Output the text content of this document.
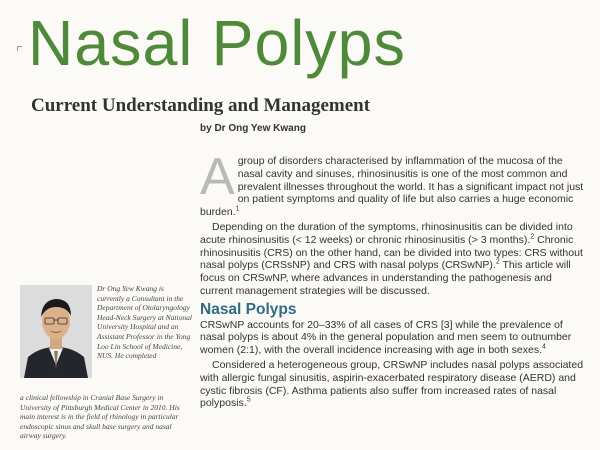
Nasal Polyps
Current Understanding and Management
by Dr Ong Yew Kwang

A group of disorders characterised by inflammation of the mucosa of the nasal cavity and sinuses, rhinosinusitis is one of the most common and prevalent illnesses throughout the world. It has a significant impact not just on patient symptoms and quality of life but also carries a huge economic burden.$^1$

Depending on the duration of the symptoms, rhinosinusitis can be divided into acute rhinosinusitis (< 12 weeks) or chronic rhinosinusitis (> 3 months).$^2$ Chronic rhinosinusitis (CRS) on the other hand, can be divided into two types: CRS without nasal polyps (CRSsNP) and CRS with nasal polyps (CRSwNP).$^2$ This article will focus on CRSwNP, where advances in understanding the pathogenesis and current management strategies will be discussed.

Nasal Polyps

CRSwNP accounts for 20–33% of all cases of CRS [3] while the prevalence of nasal polyps is about 4% in the general population and men seem to outnumber women (2:1), with the overall incidence increasing with age in both sexes.$^4$

Considered a heterogeneous group, CRSwNP includes nasal polyps associated with allergic fungal sinusitis, aspirin-exacerbated respiratory disease (AERD) and cystic fibrosis (CF). Asthma patients also suffer from increased rates of nasal polyposis.$^5$

Dr Ong Yew Kwang is currently a Consultant in the Department of Otolaryngology Head-Neck Surgery at National University Hospital and an Assistant Professor in the Yong Loo Lin School of Medicine, NUS. He completed
a clinical fellowship in Cranial Base Surgery in University of Pittsburgh Medical Center in 2010. His main interest is in the field of rhinology in particular endoscopic sinus and skull base surgery and nasal airway surgery.
